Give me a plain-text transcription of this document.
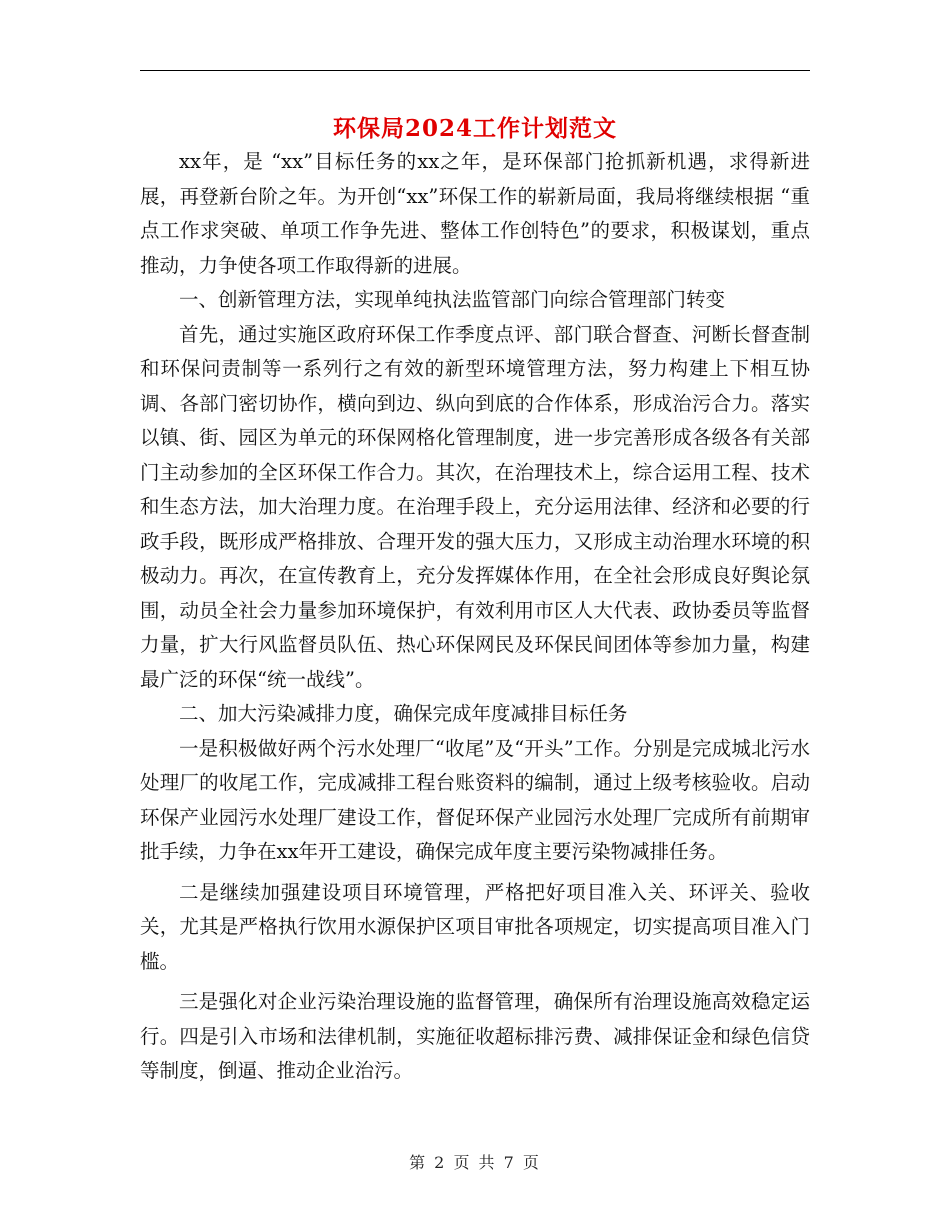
环保局2024工作计划范文

xx年，是 “xx”目标任务的xx之年，是环保部门抢抓新机遇，求得新进展，再登新台阶之年。为开创“xx”环保工作的崭新局面，我局将继续根据 “重点工作求突破、单项工作争先进、整体工作创特色”的要求，积极谋划，重点推动，力争使各项工作取得新的进展。

一、创新管理方法，实现单纯执法监管部门向综合管理部门转变

首先，通过实施区政府环保工作季度点评、部门联合督查、河断长督查制和环保问责制等一系列行之有效的新型环境管理方法，努力构建上下相互协调、各部门密切协作，横向到边、纵向到底的合作体系，形成治污合力。落实以镇、街、园区为单元的环保网格化管理制度，进一步完善形成各级各有关部门主动参加的全区环保工作合力。其次，在治理技术上，综合运用工程、技术和生态方法，加大治理力度。在治理手段上，充分运用法律、经济和必要的行政手段，既形成严格排放、合理开发的强大压力，又形成主动治理水环境的积极动力。再次，在宣传教育上，充分发挥媒体作用，在全社会形成良好舆论氛围，动员全社会力量参加环境保护，有效利用市区人大代表、政协委员等监督力量，扩大行风监督员队伍、热心环保网民及环保民间团体等参加力量，构建最广泛的环保“统一战线”。

二、加大污染减排力度，确保完成年度减排目标任务

一是积极做好两个污水处理厂“收尾”及“开头”工作。分别是完成城北污水处理厂的收尾工作，完成减排工程台账资料的编制，通过上级考核验收。启动环保产业园污水处理厂建设工作，督促环保产业园污水处理厂完成所有前期审批手续，力争在xx年开工建设，确保完成年度主要污染物减排任务。

二是继续加强建设项目环境管理，严格把好项目准入关、环评关、验收关，尤其是严格执行饮用水源保护区项目审批各项规定，切实提高项目准入门槛。

三是强化对企业污染治理设施的监督管理，确保所有治理设施高效稳定运行。四是引入市场和法律机制，实施征收超标排污费、减排保证金和绿色信贷等制度，倒逼、推动企业治污。

第 2 页 共 7 页
